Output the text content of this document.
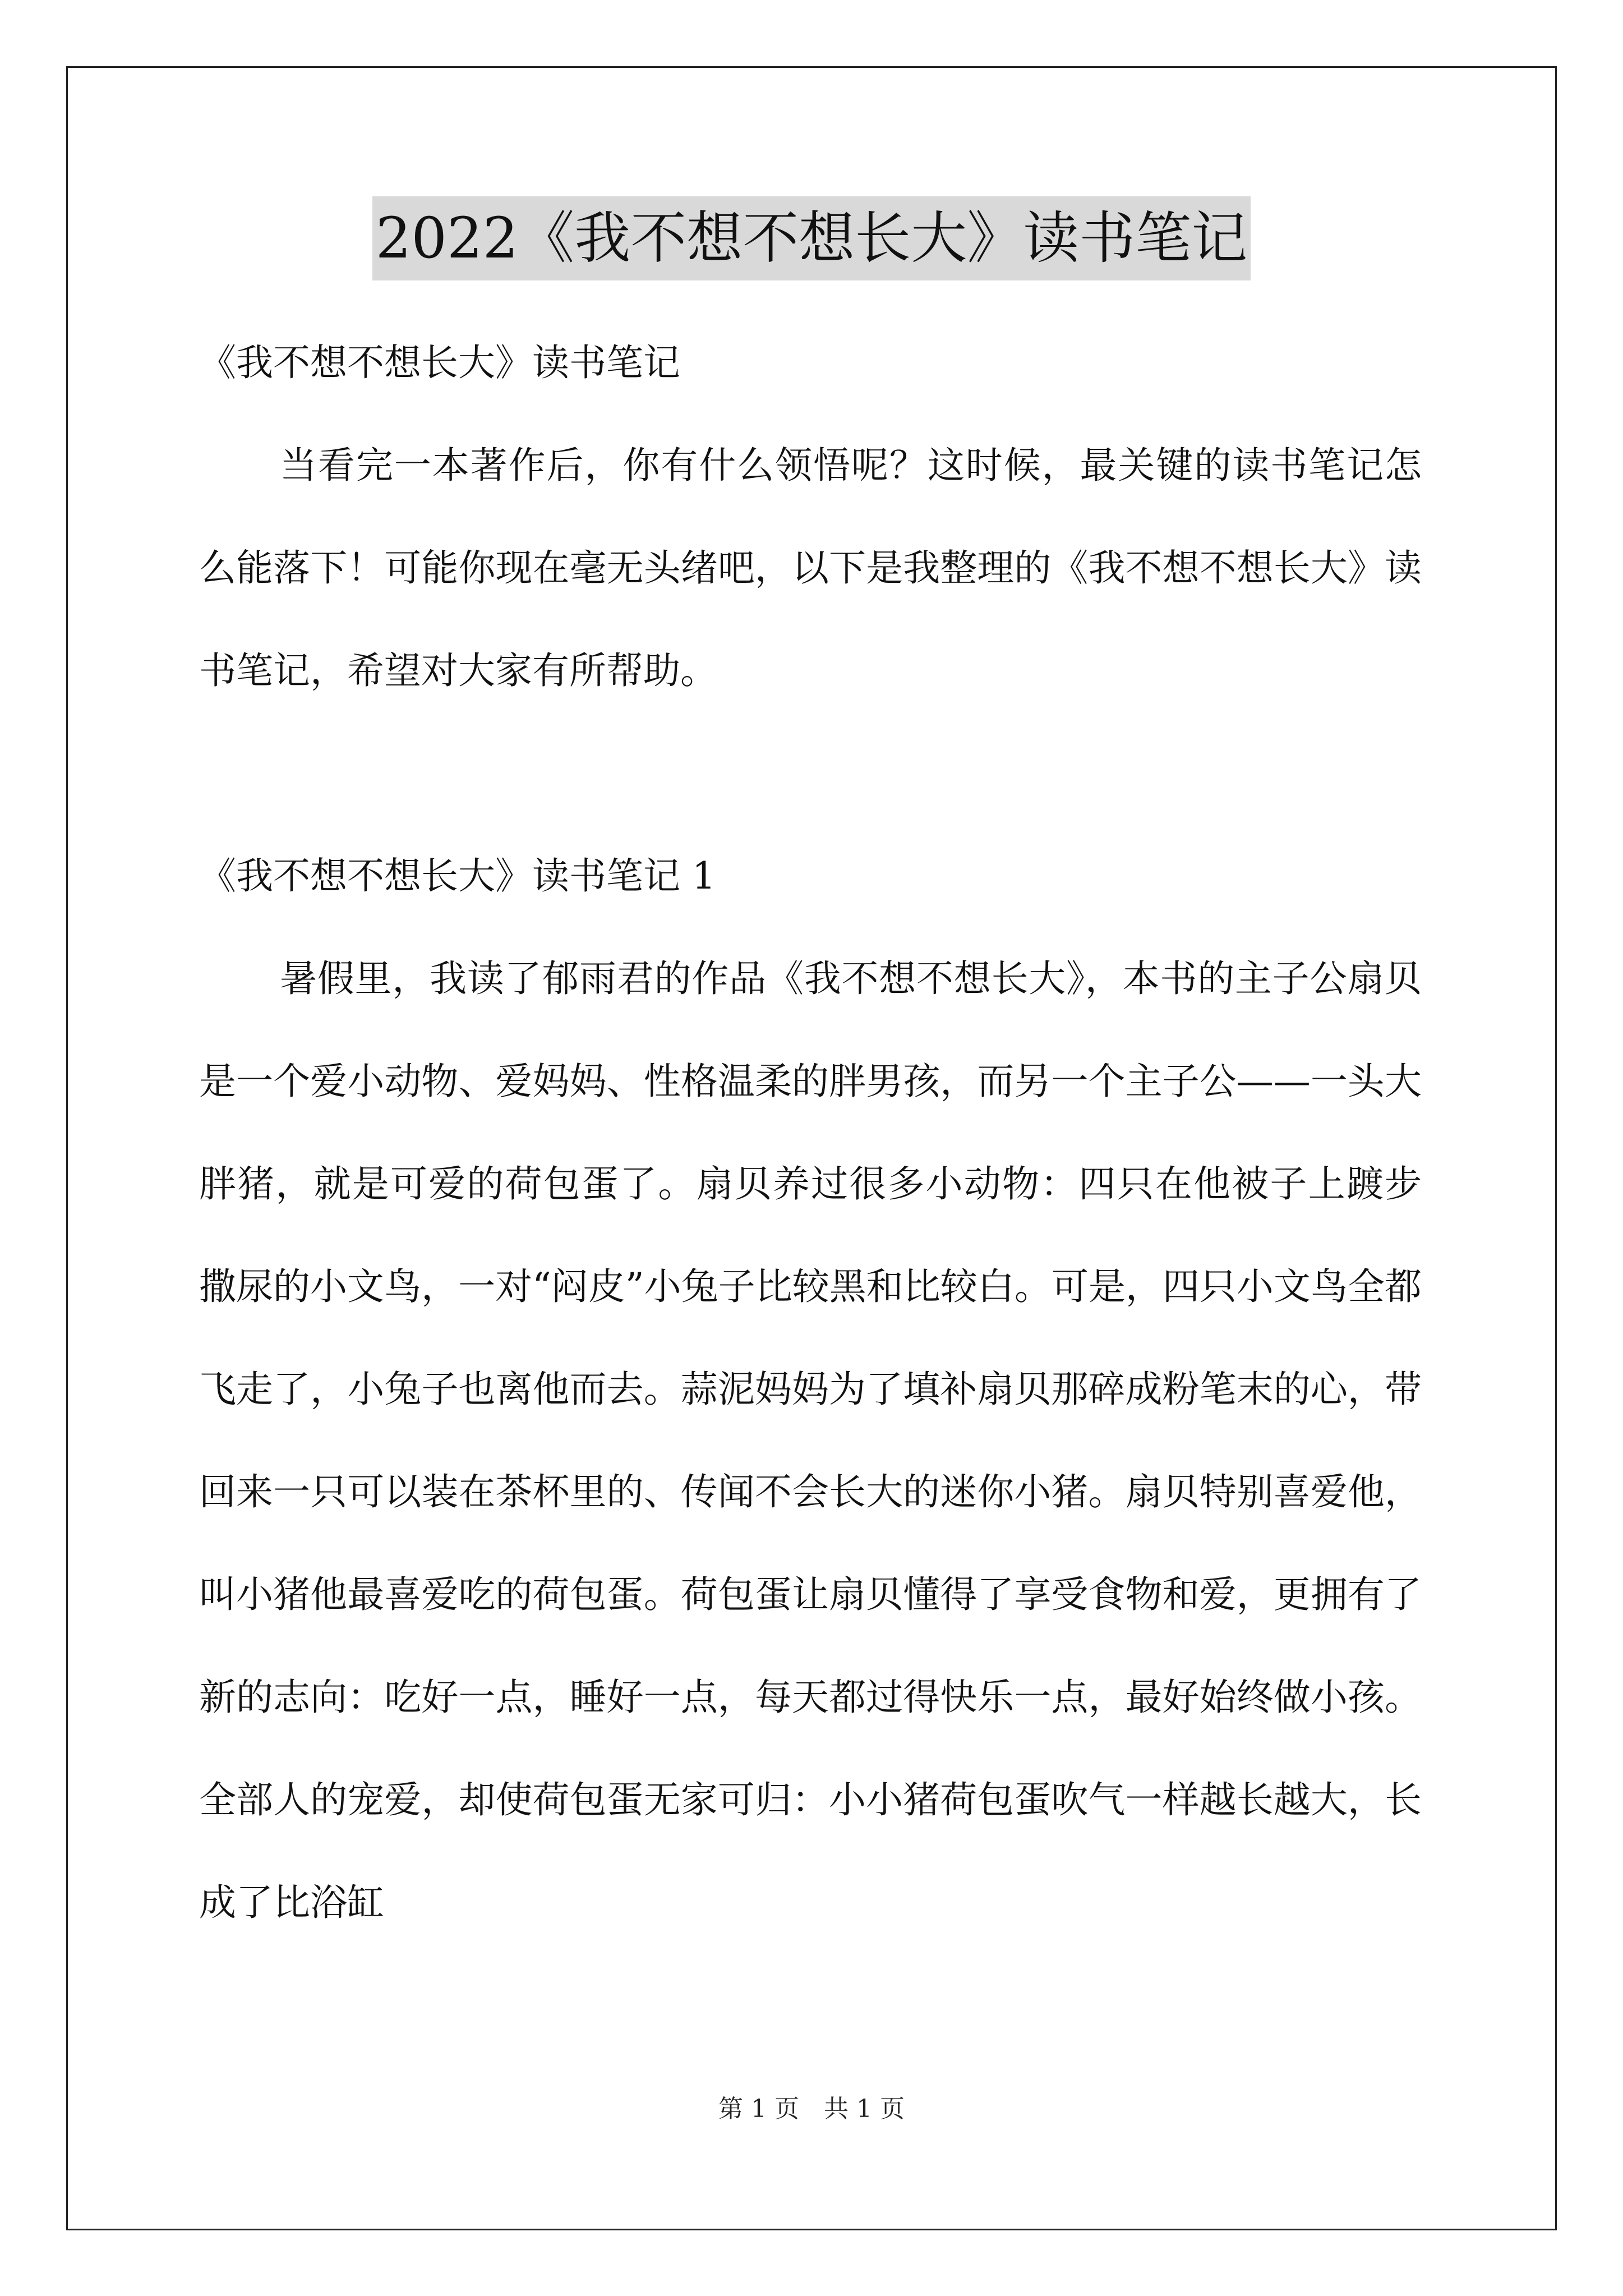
2022《我不想不想长大》读书笔记

《我不想不想长大》读书笔记

当看完一本著作后，你有什么领悟呢？这时候，最关键的读书笔记怎么能落下！可能你现在毫无头绪吧，以下是我整理的《我不想不想长大》读书笔记，希望对大家有所帮助。

《我不想不想长大》读书笔记 1

暑假里，我读了郁雨君的作品《我不想不想长大》，本书的主子公扇贝是一个爱小动物、爱妈妈、性格温柔的胖男孩，而另一个主子公——一头大胖猪，就是可爱的荷包蛋了。扇贝养过很多小动物：四只在他被子上踱步 撒尿的小文鸟，一对“闷皮”小兔子比较黑和比较白。可是，四只小文鸟全都飞走了，小兔子也离他而去。蒜泥妈妈为了填补扇贝那碎成粉笔末的心，带回来一只可以装在茶杯里的、传闻不会长大的迷你小猪。扇贝特别喜爱他，叫小猪他最喜爱吃的荷包蛋。荷包蛋让扇贝懂得了享受食物和爱，更拥有了新的志向：吃好一点，睡好一点，每天都过得快乐一点，最好始终做小孩。全部人的宠爱，却使荷包蛋无家可归：小小猪荷包蛋吹气一样越长越大，长成了比浴缸

第 1 页 共 1 页
